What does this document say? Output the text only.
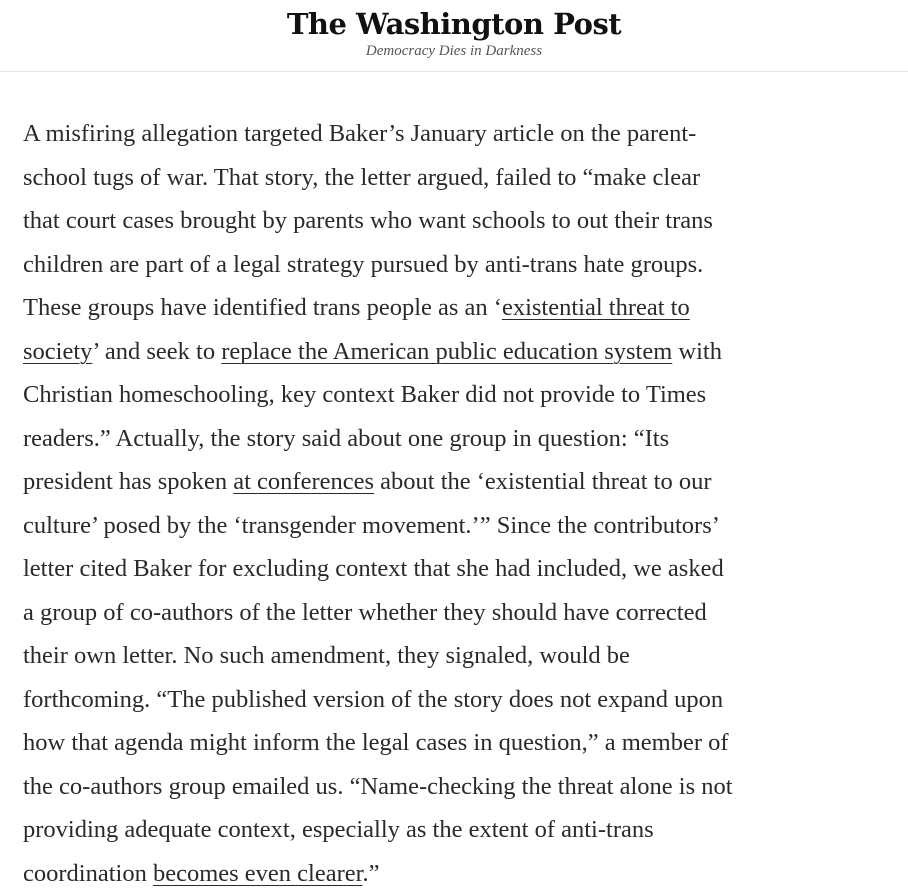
The Washington Post
Democracy Dies in Darkness
A misfiring allegation targeted Baker’s January article on the parent-
school tugs of war. That story, the letter argued, failed to “make clear
that court cases brought by parents who want schools to out their trans
children are part of a legal strategy pursued by anti-trans hate groups.
These groups have identified trans people as an ‘existential threat to
society’ and seek to replace the American public education system with
Christian homeschooling, key context Baker did not provide to Times
readers.” Actually, the story said about one group in question: “Its
president has spoken at conferences about the ‘existential threat to our
culture’ posed by the ‘transgender movement.’” Since the contributors’
letter cited Baker for excluding context that she had included, we asked
a group of co-authors of the letter whether they should have corrected
their own letter. No such amendment, they signaled, would be
forthcoming. “The published version of the story does not expand upon
how that agenda might inform the legal cases in question,” a member of
the co-authors group emailed us. “Name-checking the threat alone is not
providing adequate context, especially as the extent of anti-trans
coordination becomes even clearer.”
